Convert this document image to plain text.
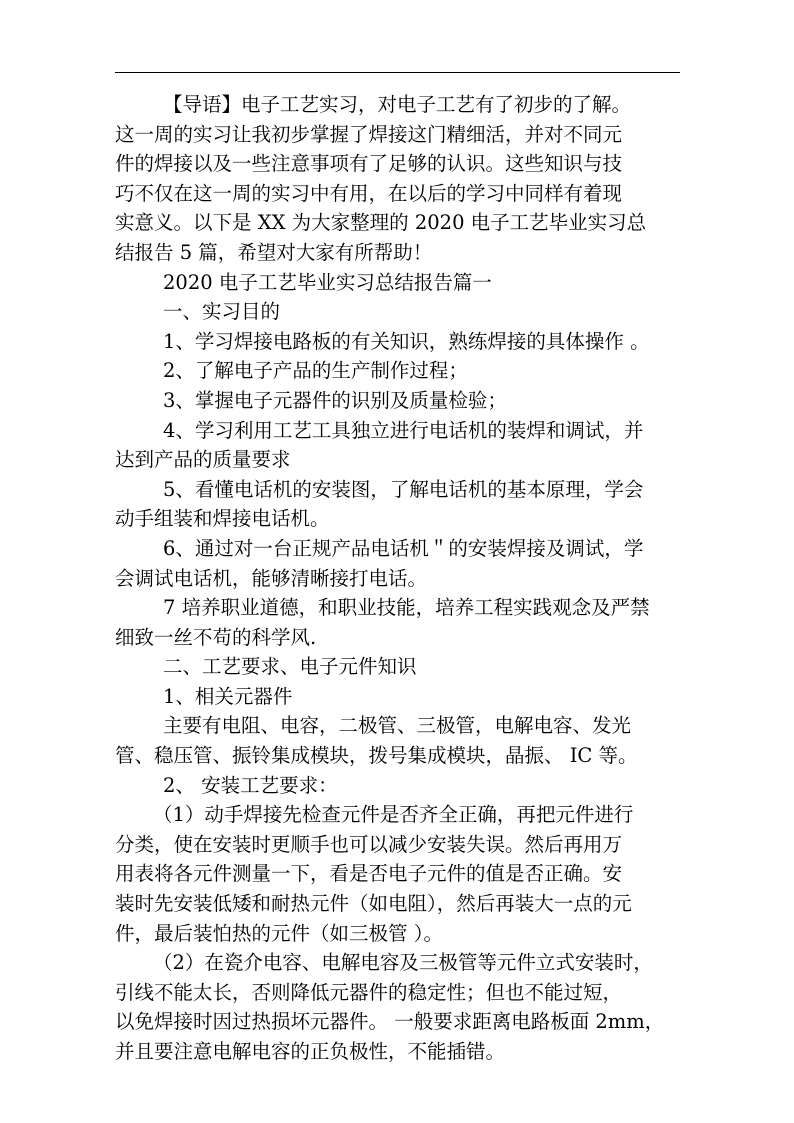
【导语】电子工艺实习，对电子工艺有了初步的了解。

这一周的实习让我初步掌握了焊接这门精细活，并对不同元

件的焊接以及一些注意事项有了足够的认识。这些知识与技

巧不仅在这一周的实习中有用，在以后的学习中同样有着现

实意义。以下是 XX 为大家整理的 2020 电子工艺毕业实习总

结报告 5 篇，希望对大家有所帮助！

2020 电子工艺毕业实习总结报告篇一

一、实习目的

1、学习焊接电路板的有关知识，熟练焊接的具体操作 。

2、了解电子产品的生产制作过程；

3、掌握电子元器件的识别及质量检验；

4、学习利用工艺工具独立进行电话机的装焊和调试，并

达到产品的质量要求

5、看懂电话机的安装图，了解电话机的基本原理，学会

动手组装和焊接电话机。

6、通过对一台正规产品电话机＂的安装焊接及调试，学

会调试电话机，能够清晰接打电话。

7 培养职业道德，和职业技能，培养工程实践观念及严禁

细致一丝不苟的科学风.

二、工艺要求、电子元件知识

1、相关元器件

主要有电阻、电容，二极管、三极管，电解电容、发光

管、稳压管、振铃集成模块，拨号集成模块，晶振、 IC 等。

2、 安装工艺要求：

（1）动手焊接先检查元件是否齐全正确，再把元件进行

分类，使在安装时更顺手也可以减少安装失误。然后再用万

用表将各元件测量一下，看是否电子元件的值是否正确。安

装时先安装低矮和耐热元件（如电阻），然后再装大一点的元

件，最后装怕热的元件（如三极管 ）。

（2）在瓷介电容、电解电容及三极管等元件立式安装时，

引线不能太长，否则降低元器件的稳定性；但也不能过短，

以免焊接时因过热损坏元器件。 一般要求距离电路板面 2mm，

并且要注意电解电容的正负极性，不能插错。
